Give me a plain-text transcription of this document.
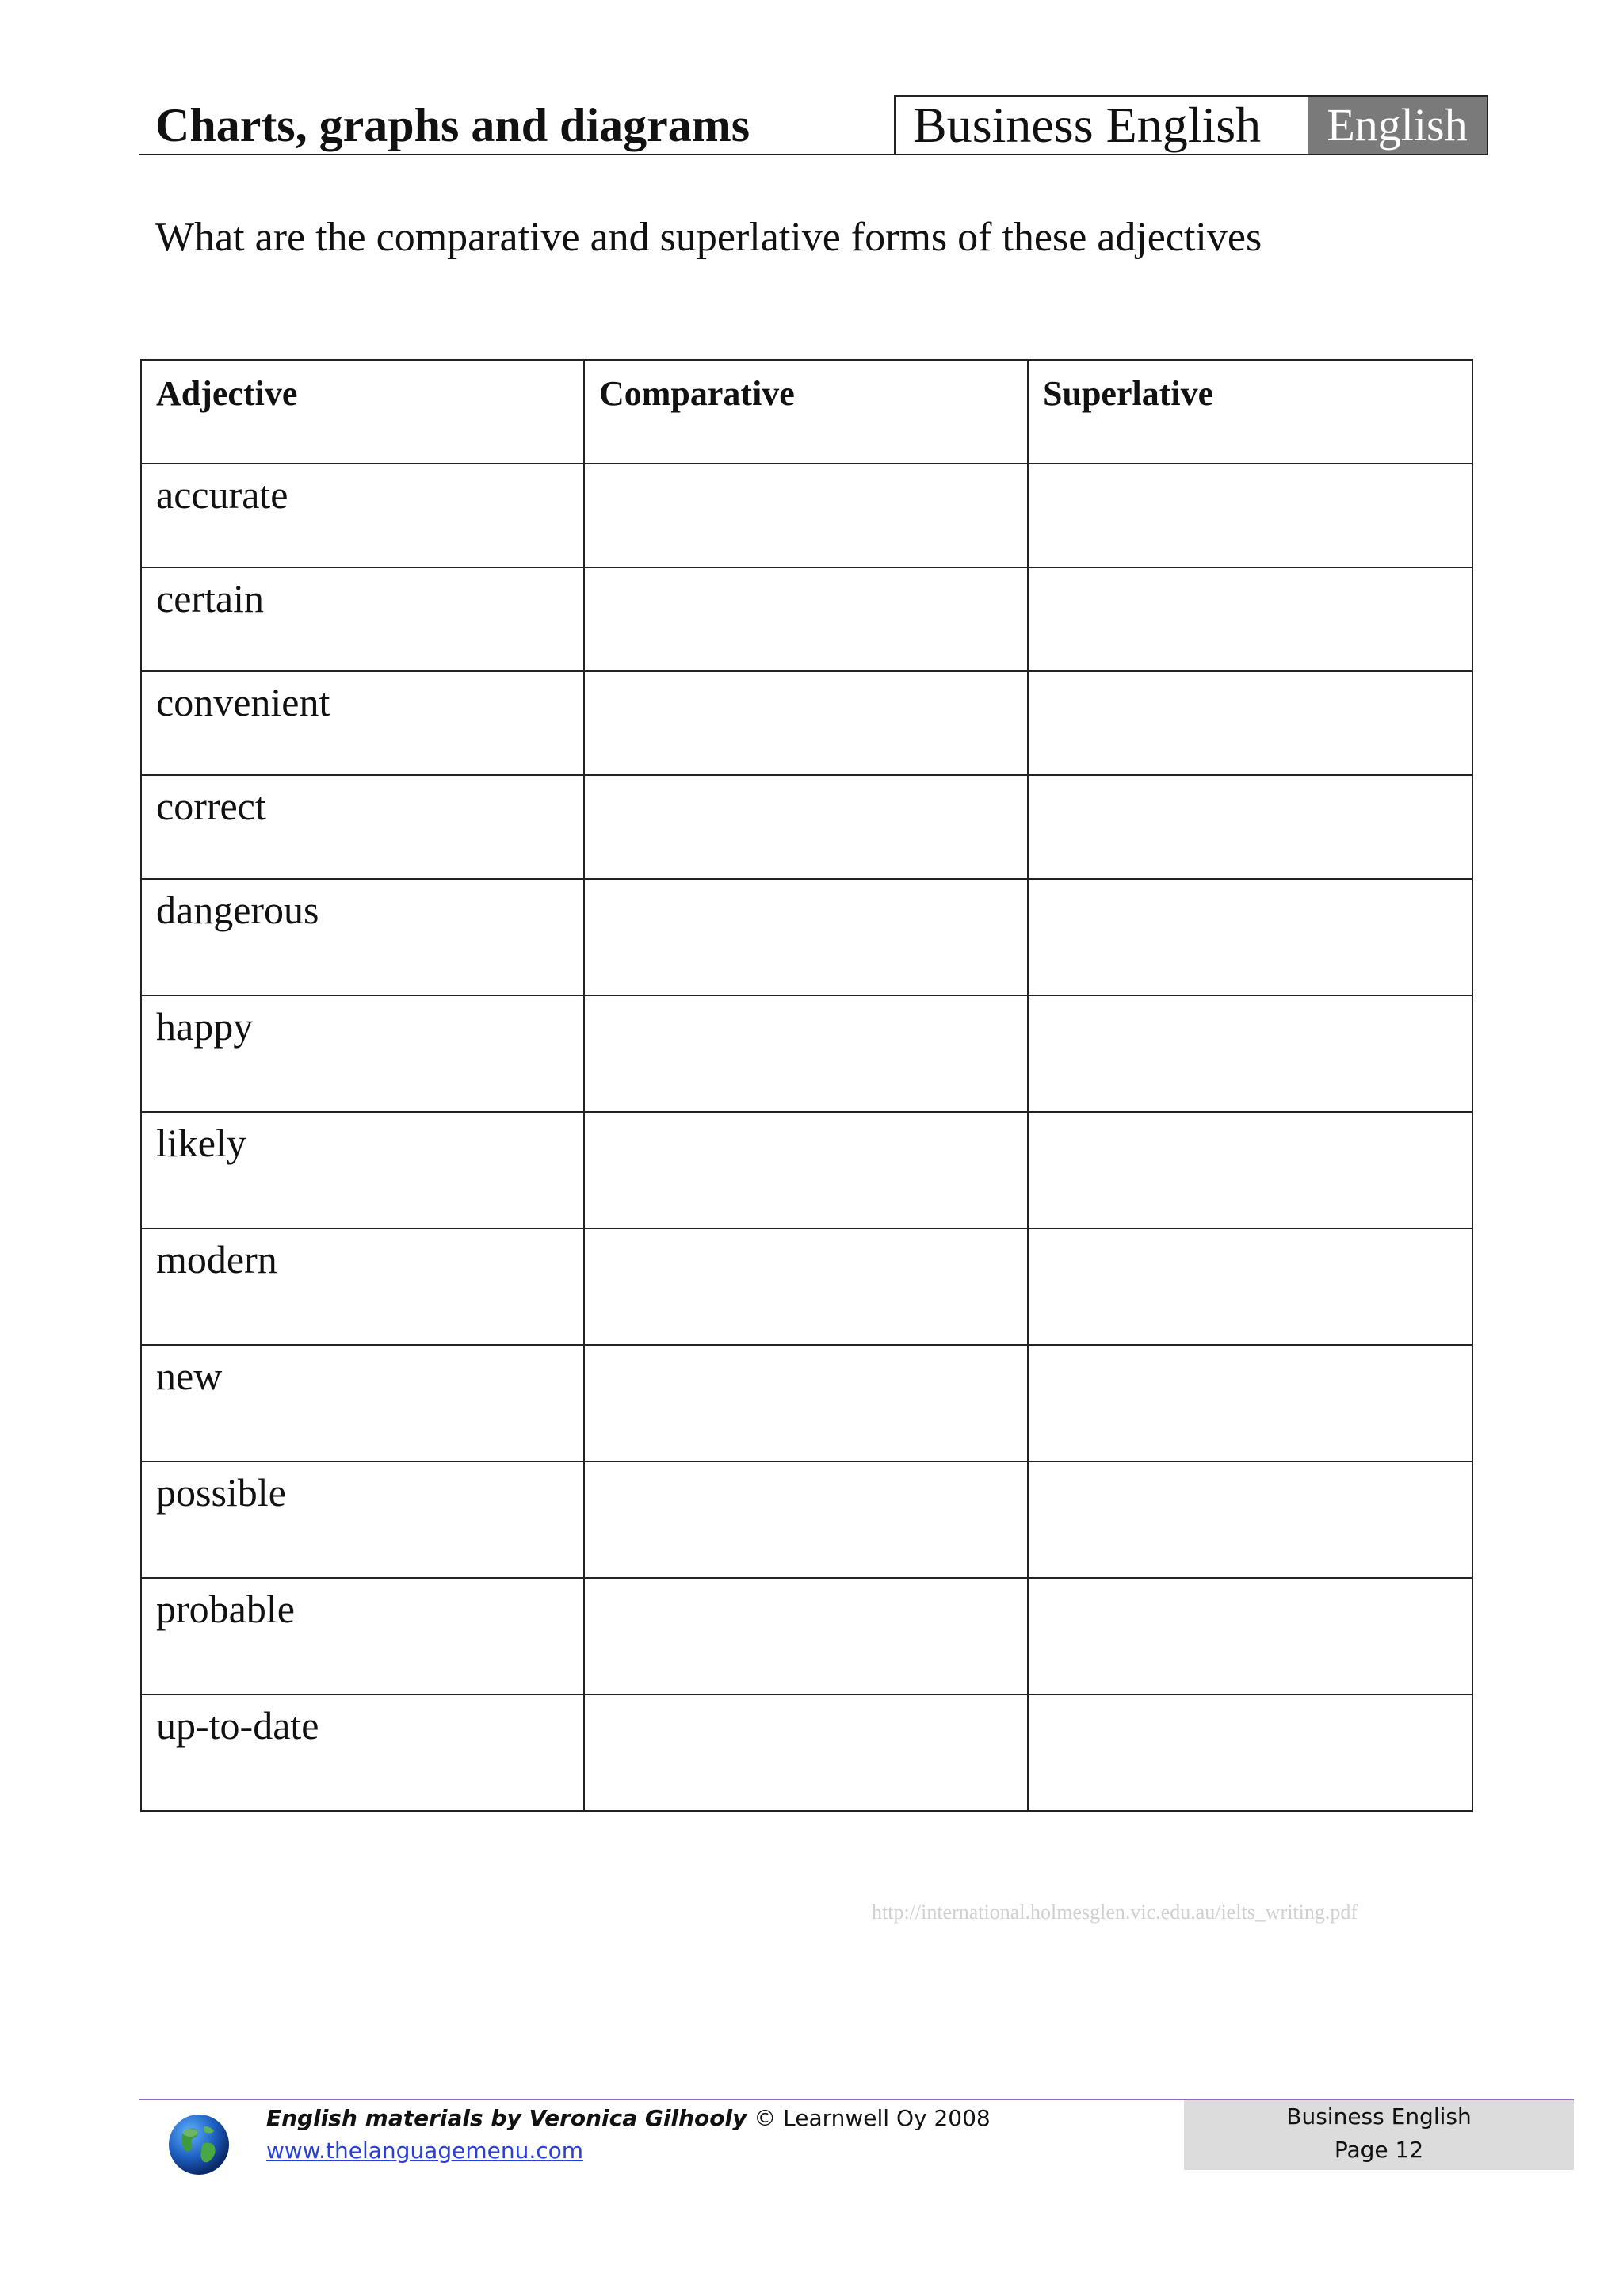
Charts, graphs and diagrams	Business English	English
What are the comparative and superlative forms of these adjectives
Adjective	Comparative	Superlative
accurate		
certain		
convenient		
correct		
dangerous		
happy		
likely		
modern		
new		
possible		
probable		
up-to-date		
http://international.holmesglen.vic.edu.au/ielts_writing.pdf
English materials by Veronica Gilhooly © Learnwell Oy 2008
www.thelanguagemenu.com
Business English
Page 12
